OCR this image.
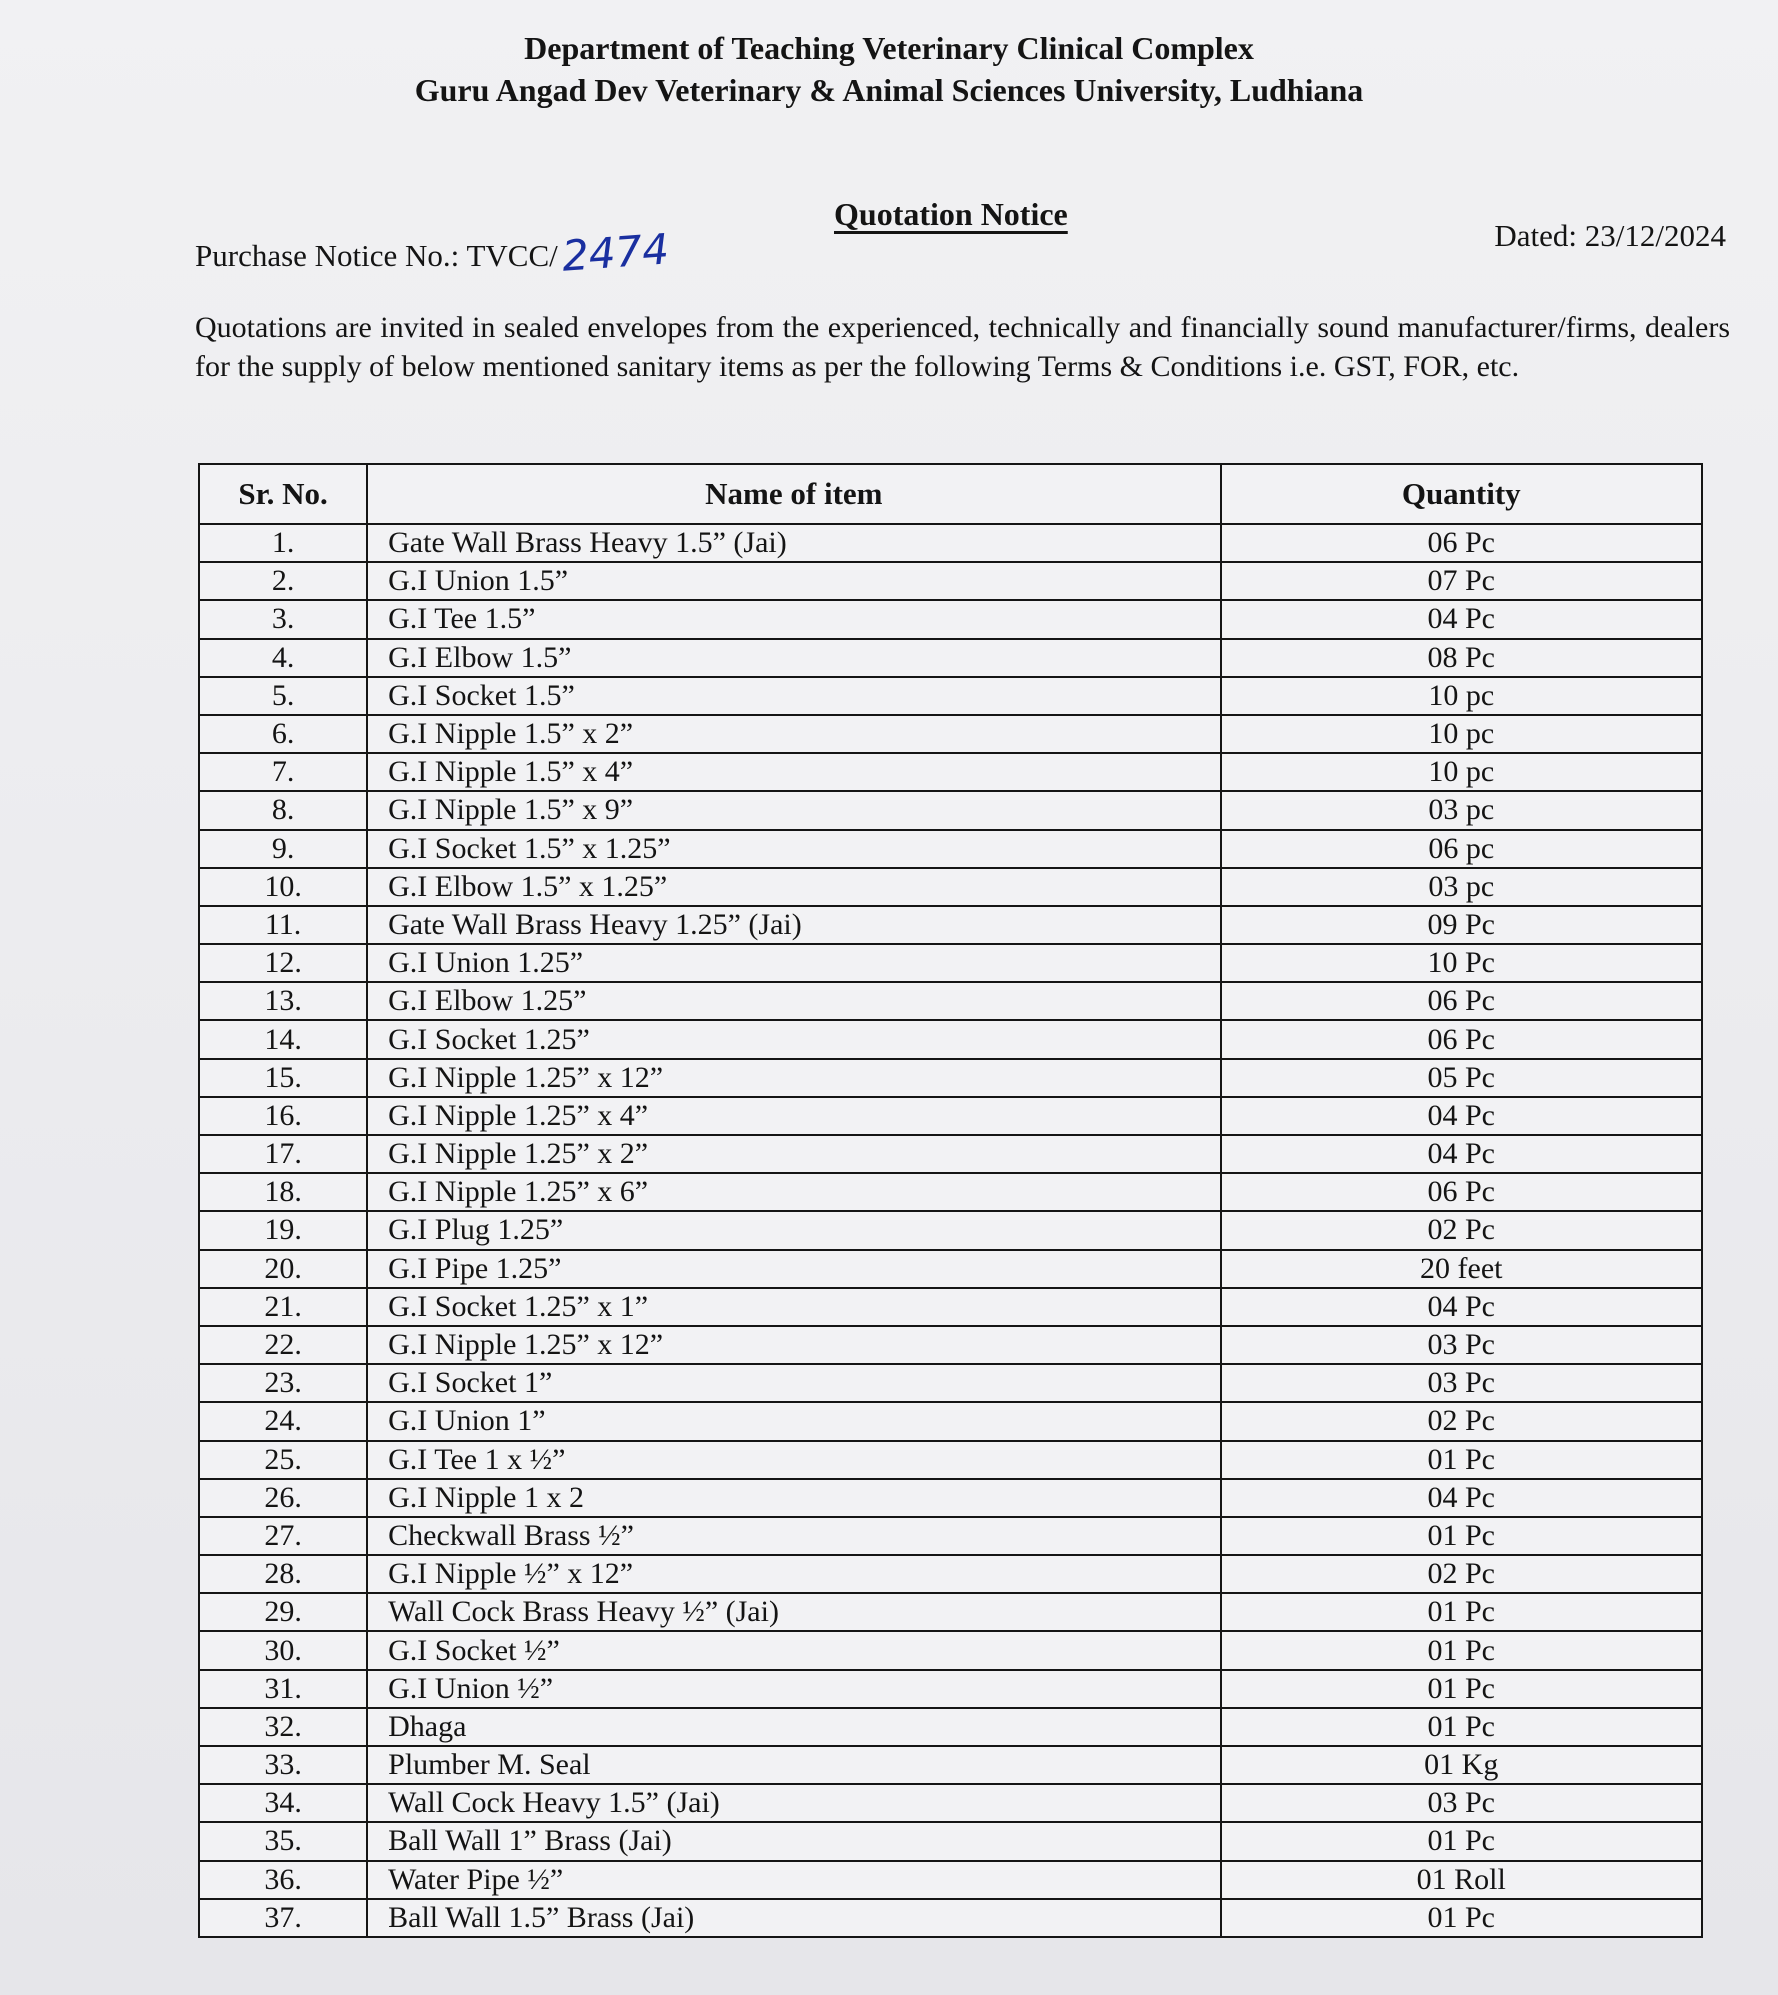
Department of Teaching Veterinary Clinical Complex
Guru Angad Dev Veterinary & Animal Sciences University, Ludhiana
Quotation Notice
Purchase Notice No.: TVCC/ 2474	Dated: 23/12/2024
Quotations are invited in sealed envelopes from the experienced, technically and financially sound manufacturer/firms, dealers for the supply of below mentioned sanitary items as per the following Terms & Conditions i.e. GST, FOR, etc.
Sr. No.	Name of item	Quantity
1.	Gate Wall Brass Heavy 1.5” (Jai)	06 Pc
2.	G.I Union 1.5”	07 Pc
3.	G.I Tee 1.5”	04 Pc
4.	G.I Elbow 1.5”	08 Pc
5.	G.I Socket 1.5”	10 pc
6.	G.I Nipple 1.5” x 2”	10 pc
7.	G.I Nipple 1.5” x 4”	10 pc
8.	G.I Nipple 1.5” x 9”	03 pc
9.	G.I Socket 1.5” x 1.25”	06 pc
10.	G.I Elbow 1.5” x 1.25”	03 pc
11.	Gate Wall Brass Heavy 1.25” (Jai)	09 Pc
12.	G.I Union 1.25”	10 Pc
13.	G.I Elbow 1.25”	06 Pc
14.	G.I Socket 1.25”	06 Pc
15.	G.I Nipple 1.25” x 12”	05 Pc
16.	G.I Nipple 1.25” x 4”	04 Pc
17.	G.I Nipple 1.25” x 2”	04 Pc
18.	G.I Nipple 1.25” x 6”	06 Pc
19.	G.I Plug 1.25”	02 Pc
20.	G.I Pipe 1.25”	20 feet
21.	G.I Socket 1.25” x 1”	04 Pc
22.	G.I Nipple 1.25” x 12”	03 Pc
23.	G.I Socket 1”	03 Pc
24.	G.I Union 1”	02 Pc
25.	G.I Tee 1 x ½”	01 Pc
26.	G.I Nipple 1 x 2	04 Pc
27.	Checkwall Brass ½”	01 Pc
28.	G.I Nipple ½” x 12”	02 Pc
29.	Wall Cock Brass Heavy ½” (Jai)	01 Pc
30.	G.I Socket ½”	01 Pc
31.	G.I Union ½”	01 Pc
32.	Dhaga	01 Pc
33.	Plumber M. Seal	01 Kg
34.	Wall Cock Heavy 1.5” (Jai)	03 Pc
35.	Ball Wall 1” Brass (Jai)	01 Pc
36.	Water Pipe ½”	01 Roll
37.	Ball Wall 1.5” Brass (Jai)	01 Pc
